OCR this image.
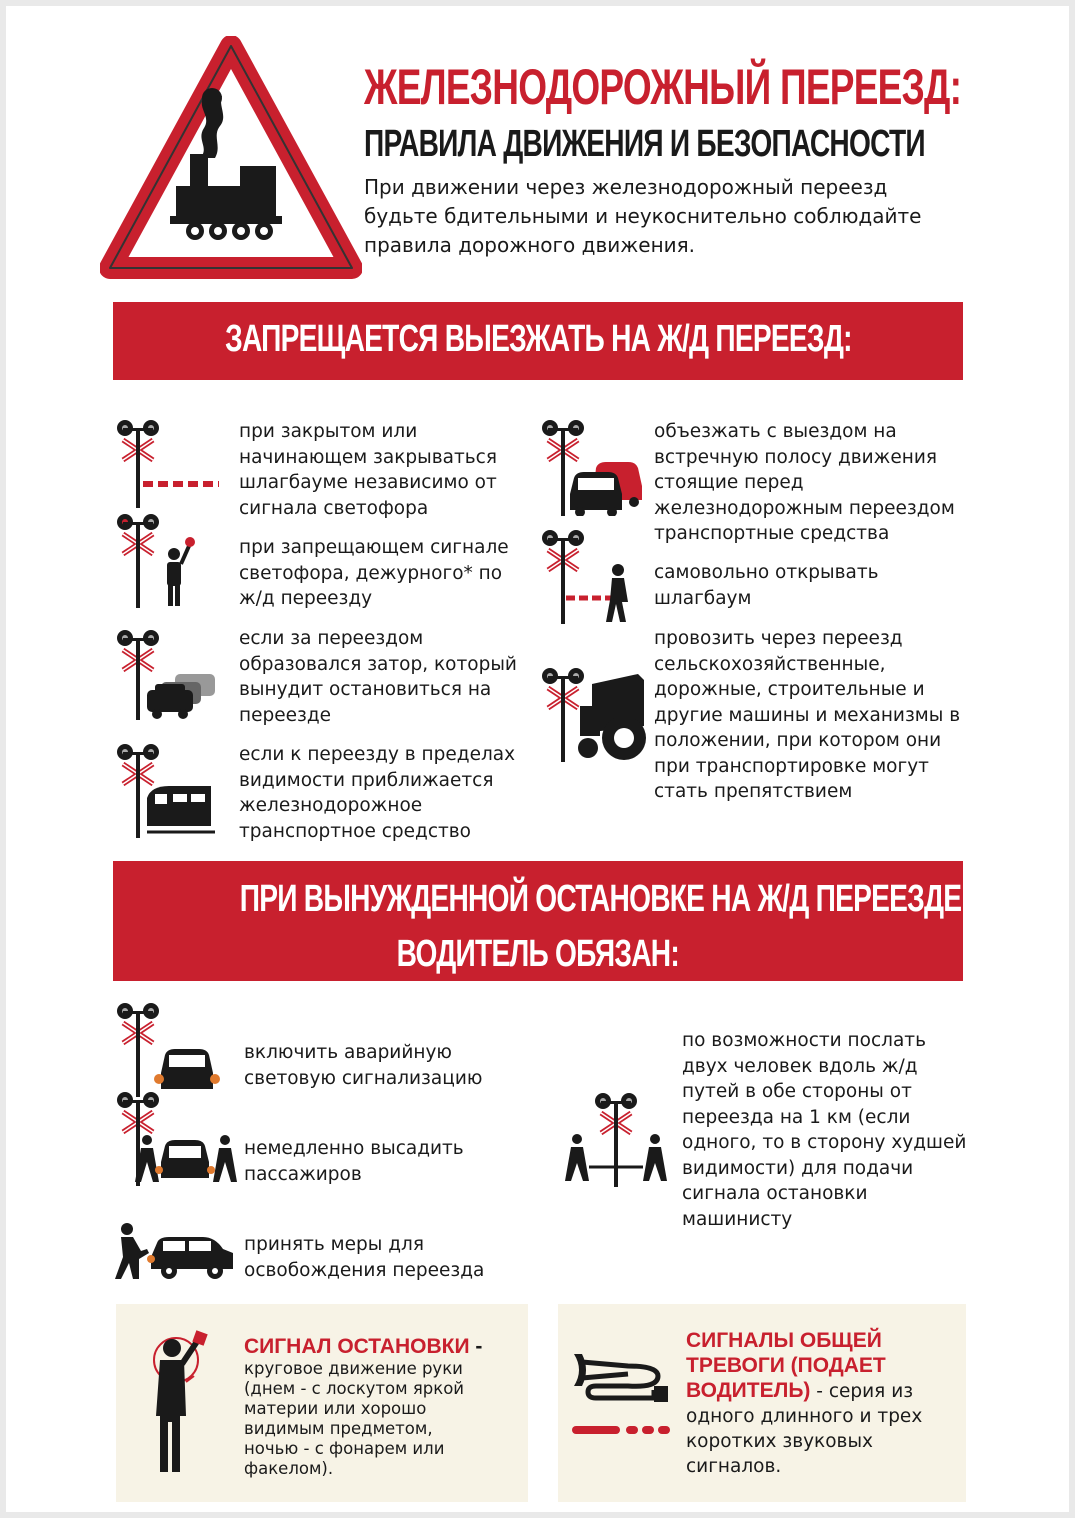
ЖЕЛЕЗНОДОРОЖНЫЙ ПЕРЕЕЗД:
ПРАВИЛА ДВИЖЕНИЯ И БЕЗОПАСНОСТИ
При движении через железнодорожный переезд
будьте бдительными и неукоснительно соблюдайте
правила дорожного движения.
ЗАПРЕЩАЕТСЯ ВЫЕЗЖАТЬ НА Ж/Д ПЕРЕЕЗД:
при закрытом или
начинающем закрываться
шлагбауме независимо от
сигнала светофора
при запрещающем сигнале
светофора, дежурного* по
ж/д переезду
если за переездом
образовался затор, который
вынудит остановиться на
переезде
если к переезду в пределах
видимости приближается
железнодорожное
транспортное средство
объезжать с выездом на
встречную полосу движения
стоящие перед
железнодорожным переездом
транспортные средства
самовольно открывать
шлагбаум
провозить через переезд
сельскохозяйственные,
дорожные, строительные и
другие машины и механизмы в
положении, при котором они
при транспортировке могут
стать препятствием
ПРИ ВЫНУЖДЕННОЙ ОСТАНОВКЕ НА Ж/Д ПЕРЕЕЗДЕ
ВОДИТЕЛЬ ОБЯЗАН:
включить аварийную
световую сигнализацию
немедленно высадить
пассажиров
принять меры для
освобождения переезда
по возможности послать
двух человек вдоль ж/д
путей в обе стороны от
переезда на 1 км (если
одного, то в сторону худшей
видимости) для подачи
сигнала остановки
машинисту
СИГНАЛ ОСТАНОВКИ -
круговое движение руки
(днем - с лоскутом яркой
материи или хорошо
видимым предметом,
ночью - с фонарем или
факелом).
СИГНАЛЫ ОБЩЕЙ
ТРЕВОГИ (ПОДАЕТ
ВОДИТЕЛЬ) - серия из
одного длинного и трех
коротких звуковых
сигналов.
